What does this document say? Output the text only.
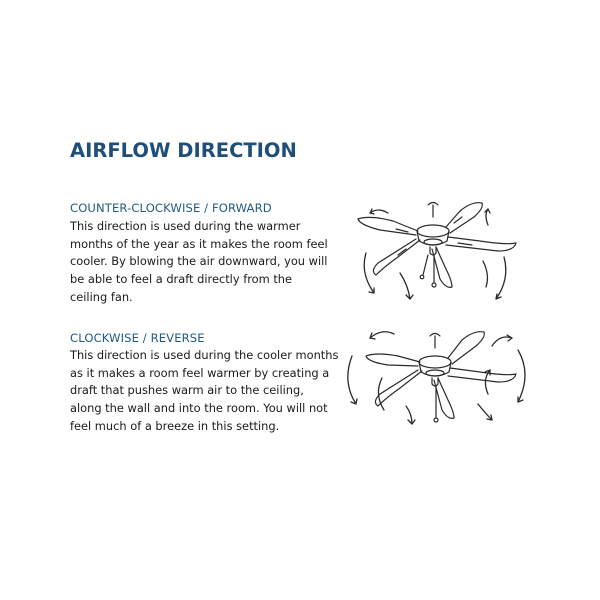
AIRFLOW DIRECTION
COUNTER-CLOCKWISE / FORWARD
This direction is used during the warmer
months of the year as it makes the room feel
cooler. By blowing the air downward, you will
be able to feel a draft directly from the
ceiling fan.
CLOCKWISE / REVERSE
This direction is used during the cooler months
as it makes a room feel warmer by creating a
draft that pushes warm air to the ceiling,
along the wall and into the room. You will not
feel much of a breeze in this setting.
